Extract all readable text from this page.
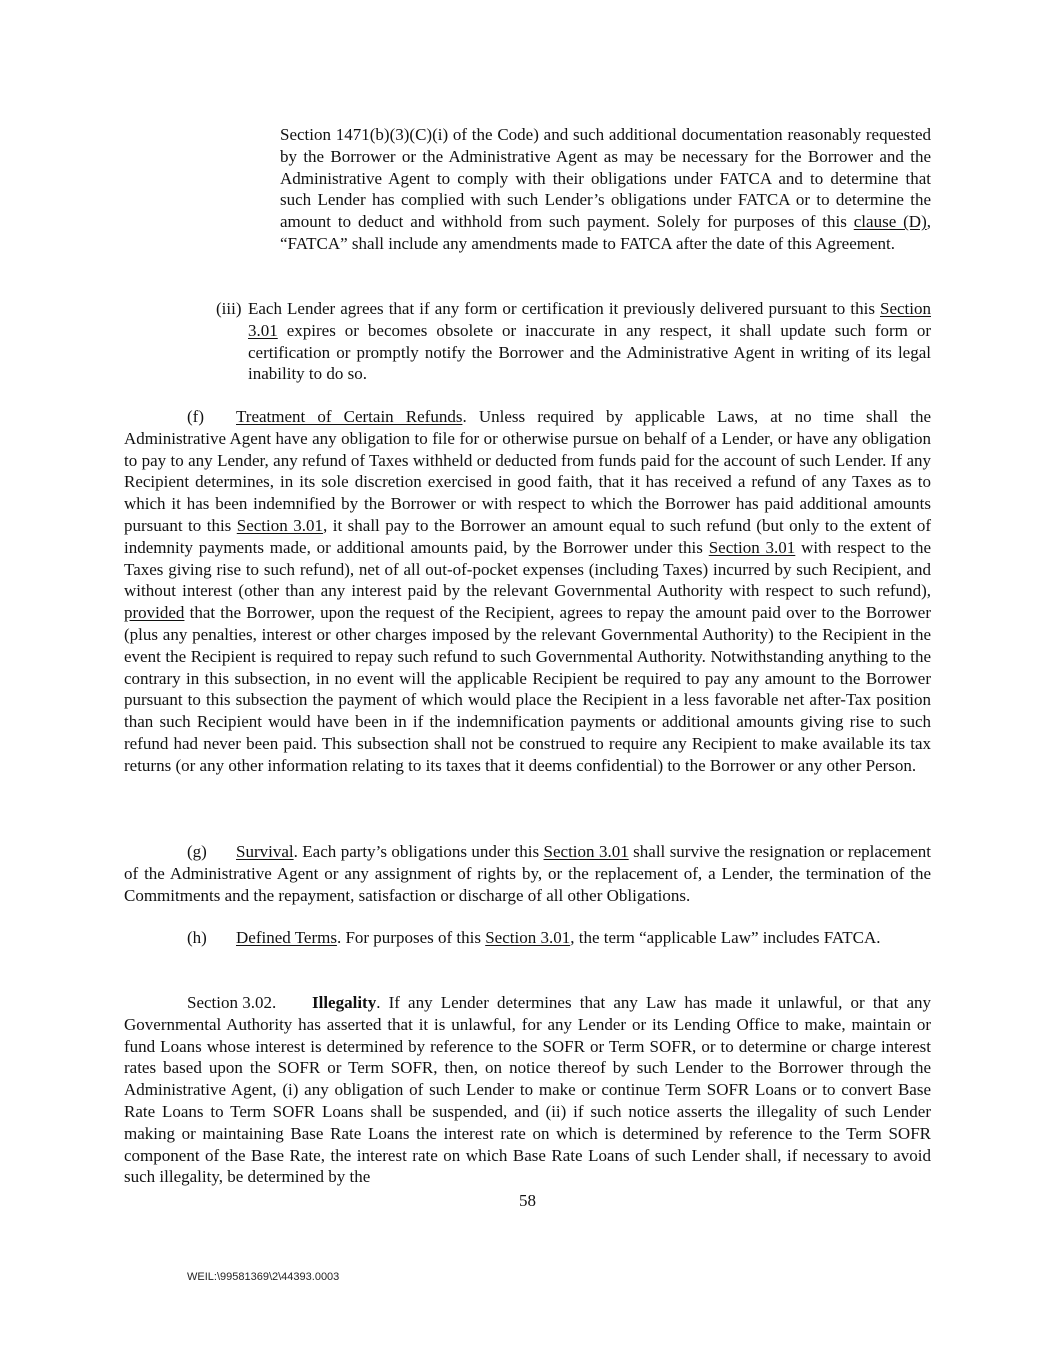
Section 1471(b)(3)(C)(i) of the Code) and such additional documentation reasonably requested by the Borrower or the Administrative Agent as may be necessary for the Borrower and the Administrative Agent to comply with their obligations under FATCA and to determine that such Lender has complied with such Lender’s obligations under FATCA or to determine the amount to deduct and withhold from such payment. Solely for purposes of this clause (D), “FATCA” shall include any amendments made to FATCA after the date of this Agreement.

(iii) Each Lender agrees that if any form or certification it previously delivered pursuant to this Section 3.01 expires or becomes obsolete or inaccurate in any respect, it shall update such form or certification or promptly notify the Borrower and the Administrative Agent in writing of its legal inability to do so.

(f) Treatment of Certain Refunds. Unless required by applicable Laws, at no time shall the Administrative Agent have any obligation to file for or otherwise pursue on behalf of a Lender, or have any obligation to pay to any Lender, any refund of Taxes withheld or deducted from funds paid for the account of such Lender. If any Recipient determines, in its sole discretion exercised in good faith, that it has received a refund of any Taxes as to which it has been indemnified by the Borrower or with respect to which the Borrower has paid additional amounts pursuant to this Section 3.01, it shall pay to the Borrower an amount equal to such refund (but only to the extent of indemnity payments made, or additional amounts paid, by the Borrower under this Section 3.01 with respect to the Taxes giving rise to such refund), net of all out-of-pocket expenses (including Taxes) incurred by such Recipient, and without interest (other than any interest paid by the relevant Governmental Authority with respect to such refund), provided that the Borrower, upon the request of the Recipient, agrees to repay the amount paid over to the Borrower (plus any penalties, interest or other charges imposed by the relevant Governmental Authority) to the Recipient in the event the Recipient is required to repay such refund to such Governmental Authority. Notwithstanding anything to the contrary in this subsection, in no event will the applicable Recipient be required to pay any amount to the Borrower pursuant to this subsection the payment of which would place the Recipient in a less favorable net after-Tax position than such Recipient would have been in if the indemnification payments or additional amounts giving rise to such refund had never been paid. This subsection shall not be construed to require any Recipient to make available its tax returns (or any other information relating to its taxes that it deems confidential) to the Borrower or any other Person.

(g) Survival. Each party’s obligations under this Section 3.01 shall survive the resignation or replacement of the Administrative Agent or any assignment of rights by, or the replacement of, a Lender, the termination of the Commitments and the repayment, satisfaction or discharge of all other Obligations.

(h) Defined Terms. For purposes of this Section 3.01, the term “applicable Law” includes FATCA.

Section 3.02. Illegality. If any Lender determines that any Law has made it unlawful, or that any Governmental Authority has asserted that it is unlawful, for any Lender or its Lending Office to make, maintain or fund Loans whose interest is determined by reference to the SOFR or Term SOFR, or to determine or charge interest rates based upon the SOFR or Term SOFR, then, on notice thereof by such Lender to the Borrower through the Administrative Agent, (i) any obligation of such Lender to make or continue Term SOFR Loans or to convert Base Rate Loans to Term SOFR Loans shall be suspended, and (ii) if such notice asserts the illegality of such Lender making or maintaining Base Rate Loans the interest rate on which is determined by reference to the Term SOFR component of the Base Rate, the interest rate on which Base Rate Loans of such Lender shall, if necessary to avoid such illegality, be determined by the

58
WEIL:\99581369\2\44393.0003
